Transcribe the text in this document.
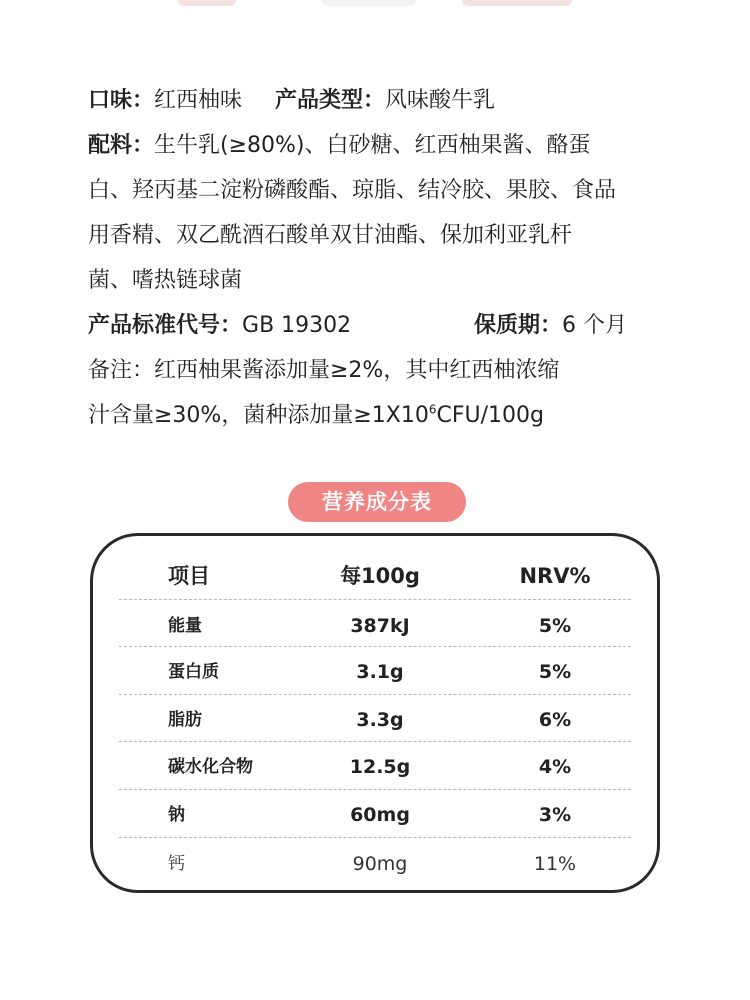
口味：红西柚味 产品类型：风味酸牛乳
配料：生牛乳(≥80%)、白砂糖、红西柚果酱、酪蛋
白、羟丙基二淀粉磷酸酯、琼脂、结冷胶、果胶、食品
用香精、双乙酰酒石酸单双甘油酯、保加利亚乳杆
菌、嗜热链球菌
产品标准代号：GB 19302	保质期：6 个月
备注：红西柚果酱添加量≥2%，其中红西柚浓缩
汁含量≥30%，菌种添加量$\ge 1X10^6CFU/100g$
营养成分表
项目	每100g	NRV%
能量	387kJ	5%
蛋白质	3.1g	5%
脂肪	3.3g	6%
碳水化合物	12.5g	4%
钠	60mg	3%
钙	90mg	11%
